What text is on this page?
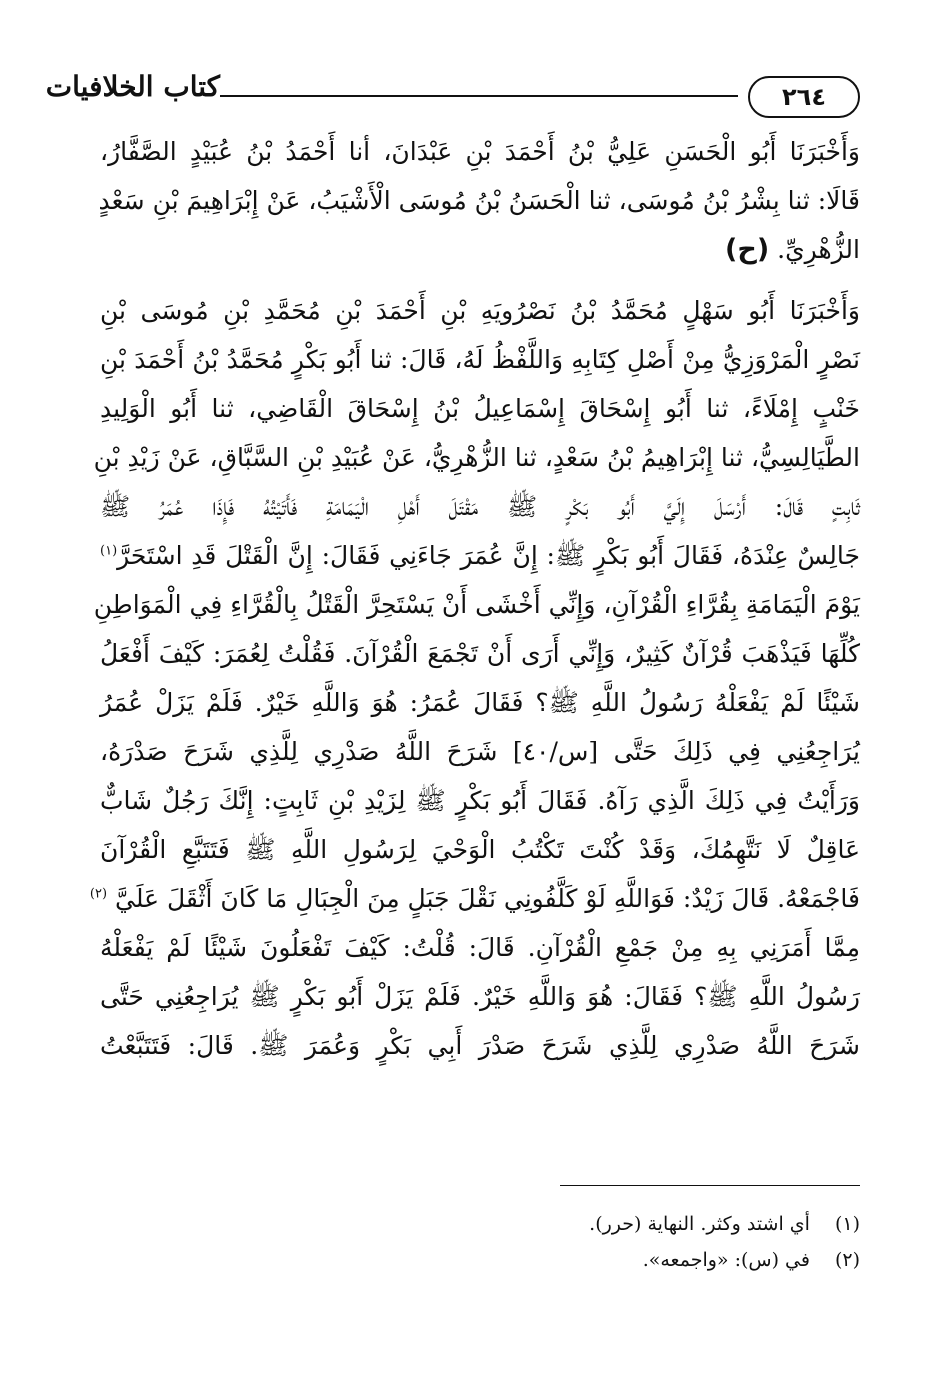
٢٦٤
كتاب الخلافيات
وَأَخْبَرَنَا أَبُو الْحَسَنِ عَلِيُّ بْنُ أَحْمَدَ بْنِ عَبْدَانَ، أنا أَحْمَدُ بْنُ عُبَيْدٍ الصَّفَّارُ،
قَالَا: ثنا بِشْرُ بْنُ مُوسَى، ثنا الْحَسَنُ بْنُ مُوسَى الْأَشْيَبُ، عَنْ إِبْرَاهِيمَ بْنِ سَعْدٍ
الزُّهْرِيِّ. (ح)
وَأَخْبَرَنَا أَبُو سَهْلٍ مُحَمَّدُ بْنُ نَصْرُويَهِ بْنِ أَحْمَدَ بْنِ مُحَمَّدِ بْنِ مُوسَى بْنِ
نَصْرٍ الْمَرْوَزِيُّ مِنْ أَصْلِ كِتَابِهِ وَاللَّفْظُ لَهُ، قَالَ: ثنا أَبُو بَكْرٍ مُحَمَّدُ بْنُ أَحْمَدَ بْنِ
خَنْبٍ إِمْلَاءً، ثنا أَبُو إِسْحَاقَ إِسْمَاعِيلُ بْنُ إِسْحَاقَ الْقَاضِي، ثنا أَبُو الْوَلِيدِ
الطَّيَالِسِيُّ، ثنا إِبْرَاهِيمُ بْنُ سَعْدٍ، ثنا الزُّهْرِيُّ، عَنْ عُبَيْدِ بْنِ السَّبَّاقِ، عَنْ زَيْدِ بْنِ
ثَابِتٍ قَالَ: أَرْسَلَ إِلَيَّ أَبُو بَكْرٍ ﷺ مَقْتَلَ أَهْلِ الْيَمَامَةِ فَأَتَيْتُهُ فَإِذَا عُمَرُ ﷺ
جَالِسٌ عِنْدَهُ، فَقَالَ أَبُو بَكْرٍ ﷺ: إِنَّ عُمَرَ جَاءَنِي فَقَالَ: إِنَّ الْقَتْلَ قَدِ اسْتَحَرَّ$^{(١)}$
يَوْمَ الْيَمَامَةِ بِقُرَّاءِ الْقُرْآنِ، وَإِنِّي أَخْشَى أَنْ يَسْتَحِرَّ الْقَتْلُ بِالْقُرَّاءِ فِي الْمَوَاطِنِ
كُلِّهَا فَيَذْهَبَ قُرْآنٌ كَثِيرٌ، وَإِنِّي أَرَى أَنْ تَجْمَعَ الْقُرْآنَ. فَقُلْتُ لِعُمَرَ: كَيْفَ أَفْعَلُ
شَيْئًا لَمْ يَفْعَلْهُ رَسُولُ اللَّهِ ﷺ؟ فَقَالَ عُمَرُ: هُوَ وَاللَّهِ خَيْرٌ. فَلَمْ يَزَلْ عُمَرُ
يُرَاجِعُنِي فِي ذَلِكَ حَتَّى [س/٤٠] شَرَحَ اللَّهُ صَدْرِي لِلَّذِي شَرَحَ صَدْرَهُ،
وَرَأَيْتُ فِي ذَلِكَ الَّذِي رَآهُ. فَقَالَ أَبُو بَكْرٍ ﷺ لِزَيْدِ بْنِ ثَابِتٍ: إِنَّكَ رَجُلٌ شَابٌّ
عَاقِلٌ لَا نَتَّهِمُكَ، وَقَدْ كُنْتَ تَكْتُبُ الْوَحْيَ لِرَسُولِ اللَّهِ ﷺ فَتَتَبَّعِ الْقُرْآنَ
فَاجْمَعْهُ. قَالَ زَيْدٌ: فَوَاللَّهِ لَوْ كَلَّفُونِي نَقْلَ جَبَلٍ مِنَ الْجِبَالِ مَا كَانَ أَثْقَلَ عَلَيَّ $^{(٢)}$
مِمَّا أَمَرَنِي بِهِ مِنْ جَمْعِ الْقُرْآنِ. قَالَ: قُلْتُ: كَيْفَ تَفْعَلُونَ شَيْئًا لَمْ يَفْعَلْهُ
رَسُولُ اللَّهِ ﷺ؟ فَقَالَ: هُوَ وَاللَّهِ خَيْرٌ. فَلَمْ يَزَلْ أَبُو بَكْرٍ ﷺ يُرَاجِعُنِي حَتَّى
شَرَحَ اللَّهُ صَدْرِي لِلَّذِي شَرَحَ صَدْرَ أَبِي بَكْرٍ وَعُمَرَ ﷺ. قَالَ: فَتَتَبَّعْتُ
(١) أي اشتد وكثر. النهاية (حرر).
(٢) في (س): «واجمعه».
